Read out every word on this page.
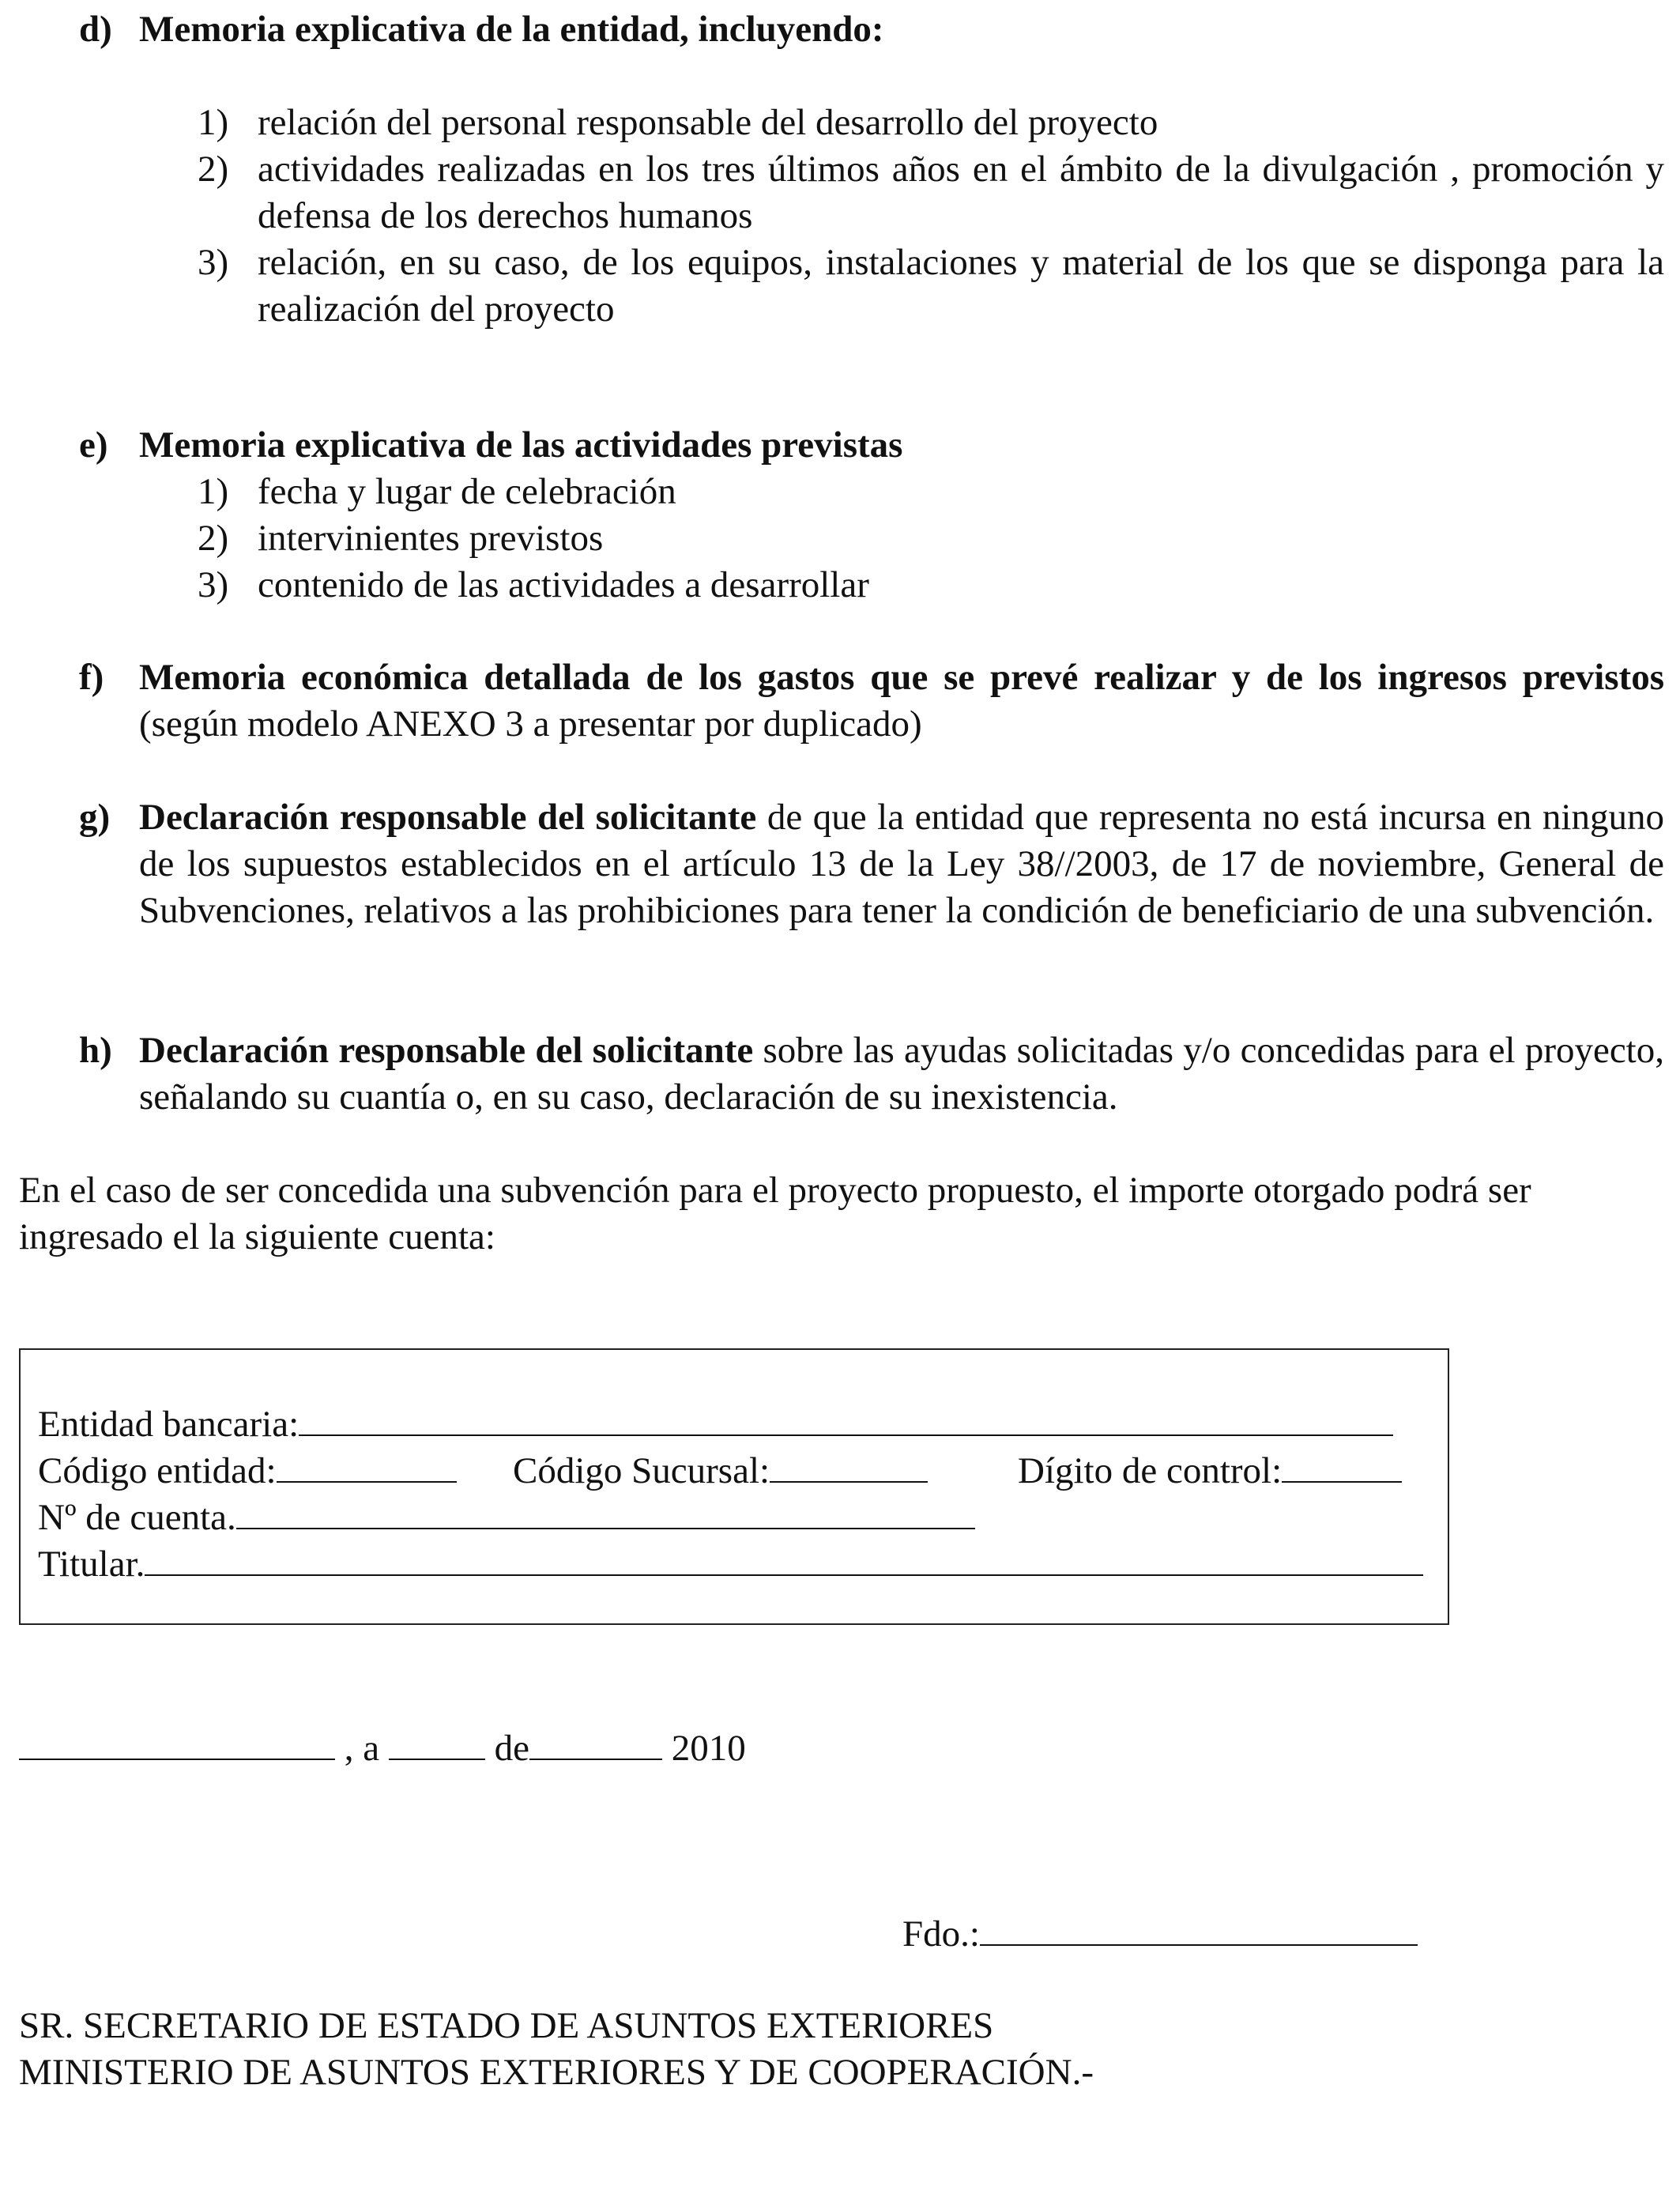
d) Memoria explicativa de la entidad, incluyendo:
1) relación del personal responsable del desarrollo del proyecto
2) actividades realizadas en los tres últimos años en el ámbito de la divulgación , promoción y defensa de los derechos humanos
3) relación, en su caso, de los equipos, instalaciones y material de los que se disponga para la realización del proyecto
e) Memoria explicativa de las actividades previstas
1) fecha y lugar de celebración
2) intervinientes previstos
3) contenido de las actividades a desarrollar
f) Memoria económica detallada de los gastos que se prevé realizar y de los ingresos previstos (según modelo ANEXO 3 a presentar por duplicado)
g) Declaración responsable del solicitante de que la entidad que representa no está incursa en ninguno de los supuestos establecidos en el artículo 13 de la Ley 38//2003, de 17 de noviembre, General de Subvenciones, relativos a las prohibiciones para tener la condición de beneficiario de una subvención.
h) Declaración responsable del solicitante sobre las ayudas solicitadas y/o concedidas para el proyecto, señalando su cuantía o, en su caso, declaración de su inexistencia.
En el caso de ser concedida una subvención para el proyecto propuesto, el importe otorgado podrá ser ingresado el la siguiente cuenta:
Entidad bancaria:
Código entidad:	Código Sucursal:	Dígito de control:
Nº de cuenta.
Titular.
, a	de	2010
Fdo.:
SR. SECRETARIO DE ESTADO DE ASUNTOS EXTERIORES
MINISTERIO DE ASUNTOS EXTERIORES Y DE COOPERACIÓN.-
